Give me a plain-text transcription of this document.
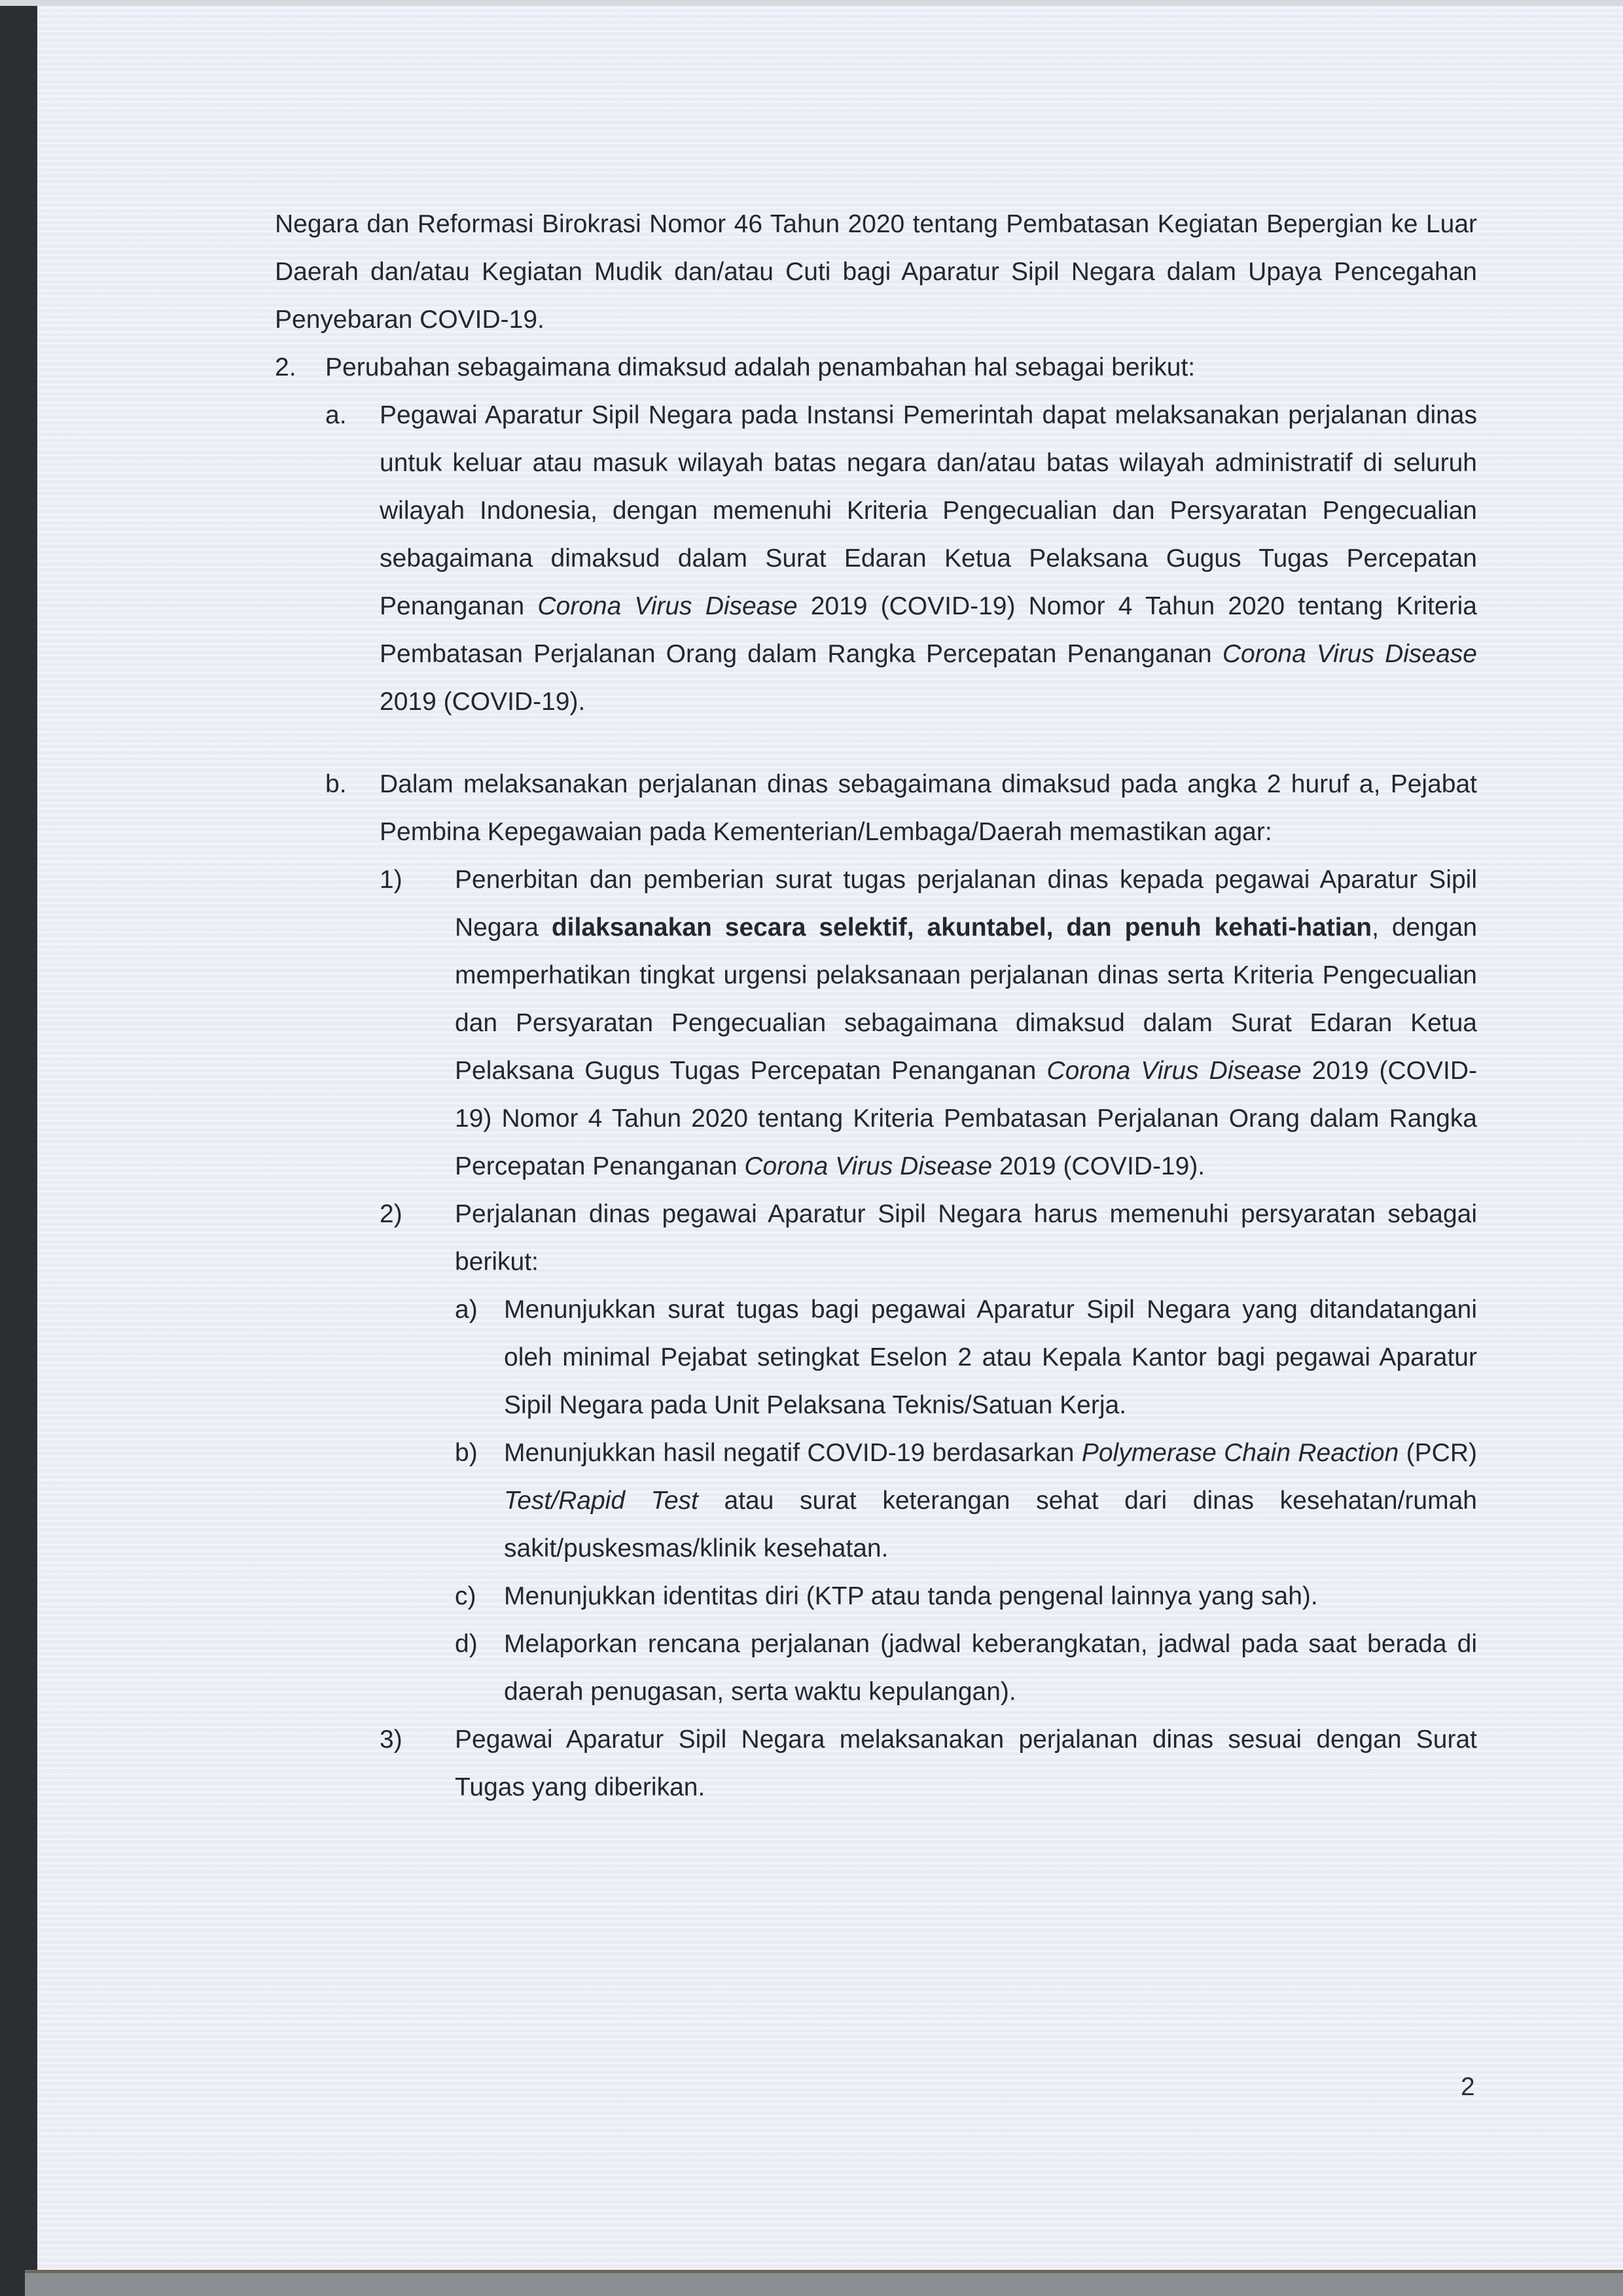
Negara dan Reformasi Birokrasi Nomor 46 Tahun 2020 tentang Pembatasan Kegiatan Bepergian ke Luar Daerah dan/atau Kegiatan Mudik dan/atau Cuti bagi Aparatur Sipil Negara dalam Upaya Pencegahan Penyebaran COVID-19.

2.	Perubahan sebagaimana dimaksud adalah penambahan hal sebagai berikut:

a.	Pegawai Aparatur Sipil Negara pada Instansi Pemerintah dapat melaksanakan perjalanan dinas untuk keluar atau masuk wilayah batas negara dan/atau batas wilayah administratif di seluruh wilayah Indonesia, dengan memenuhi Kriteria Pengecualian dan Persyaratan Pengecualian sebagaimana dimaksud dalam Surat Edaran Ketua Pelaksana Gugus Tugas Percepatan Penanganan Corona Virus Disease 2019 (COVID-19) Nomor 4 Tahun 2020 tentang Kriteria Pembatasan Perjalanan Orang dalam Rangka Percepatan Penanganan Corona Virus Disease 2019 (COVID-19).

b.	Dalam melaksanakan perjalanan dinas sebagaimana dimaksud pada angka 2 huruf a, Pejabat Pembina Kepegawaian pada Kementerian/Lembaga/Daerah memastikan agar:

1)	Penerbitan dan pemberian surat tugas perjalanan dinas kepada pegawai Aparatur Sipil Negara dilaksanakan secara selektif, akuntabel, dan penuh kehati-hatian, dengan memperhatikan tingkat urgensi pelaksanaan perjalanan dinas serta Kriteria Pengecualian dan Persyaratan Pengecualian sebagaimana dimaksud dalam Surat Edaran Ketua Pelaksana Gugus Tugas Percepatan Penanganan Corona Virus Disease 2019 (COVID-19) Nomor 4 Tahun 2020 tentang Kriteria Pembatasan Perjalanan Orang dalam Rangka Percepatan Penanganan Corona Virus Disease 2019 (COVID-19).

2)	Perjalanan dinas pegawai Aparatur Sipil Negara harus memenuhi persyaratan sebagai berikut:

a)	Menunjukkan surat tugas bagi pegawai Aparatur Sipil Negara yang ditandatangani oleh minimal Pejabat setingkat Eselon 2 atau Kepala Kantor bagi pegawai Aparatur Sipil Negara pada Unit Pelaksana Teknis/Satuan Kerja.

b)	Menunjukkan hasil negatif COVID-19 berdasarkan Polymerase Chain Reaction (PCR) Test/Rapid Test atau surat keterangan sehat dari dinas kesehatan/rumah sakit/puskesmas/klinik kesehatan.

c)	Menunjukkan identitas diri (KTP atau tanda pengenal lainnya yang sah).

d)	Melaporkan rencana perjalanan (jadwal keberangkatan, jadwal pada saat berada di daerah penugasan, serta waktu kepulangan).

3)	Pegawai Aparatur Sipil Negara melaksanakan perjalanan dinas sesuai dengan Surat Tugas yang diberikan.

2
